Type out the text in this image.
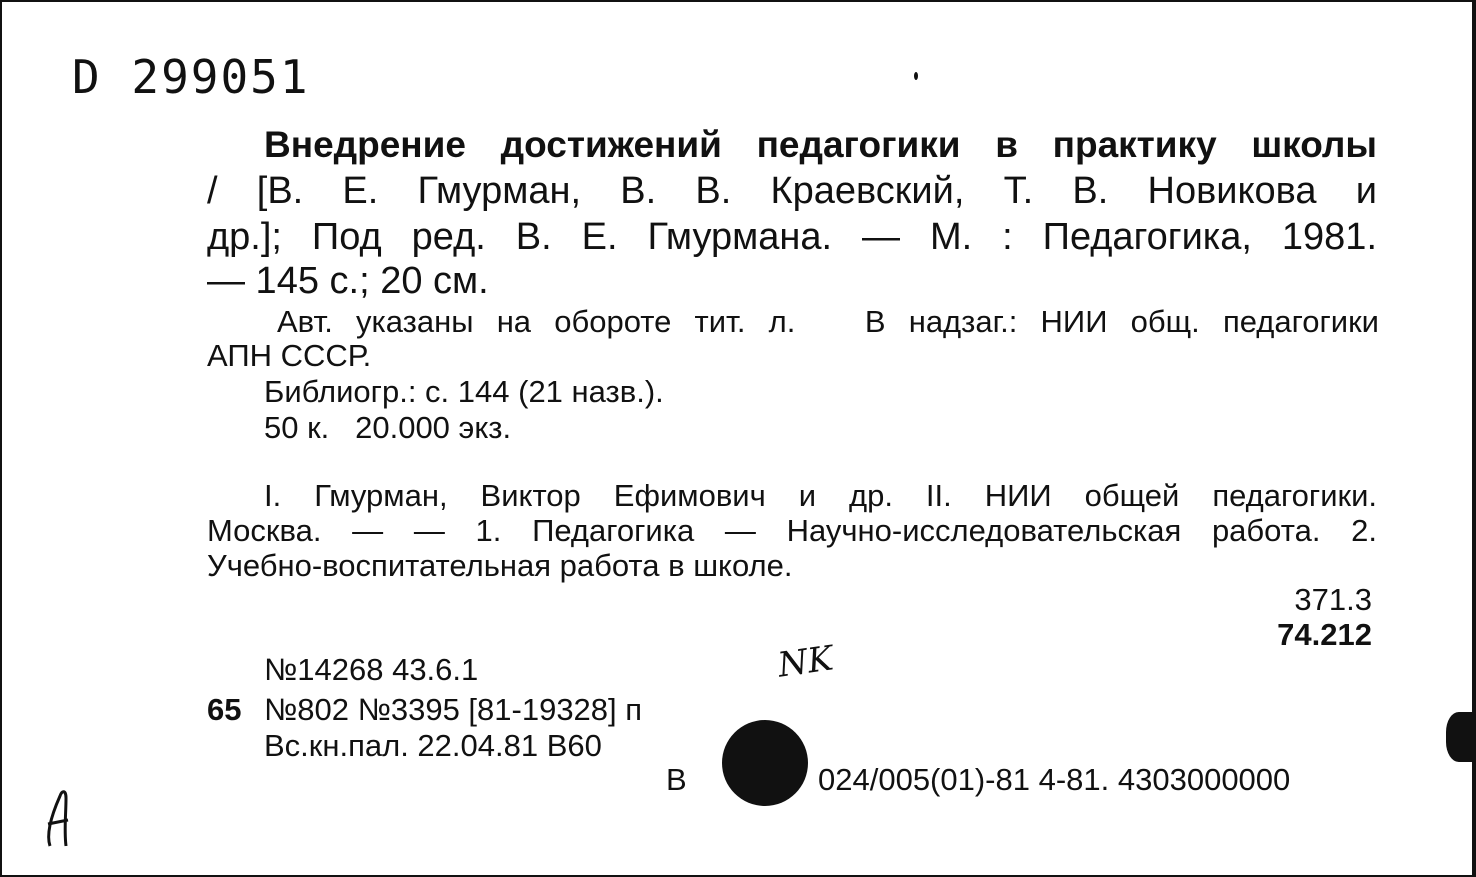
D 299051
Внедрение достижений педагогики в практику школы
/ [В. Е. Гмурман, В. В. Краевский, Т. В. Новикова и
др.]; Под ред. В. Е. Гмурмана. — М. : Педагогика, 1981.
— 145 с.; 20 см.
Авт. указаны на обороте тит. л.   В надзаг.: НИИ общ. педагогики
АПН СССР.
Библиогр.: с. 144 (21 назв.).
50 к.   20.000 экз.
I. Гмурман, Виктор Ефимович и др. II. НИИ общей педагогики.
Москва. — — 1. Педагогика — Научно-исследовательская работа. 2.
Учебно-воспитательная работа в школе.
371.3
74.212
№14268 43.6.1	NK
65 №802 №3395 [81-19328] п
Вс.кн.пал. 22.04.81 В60
В	024/005(01)-81 4-81. 4303000000
